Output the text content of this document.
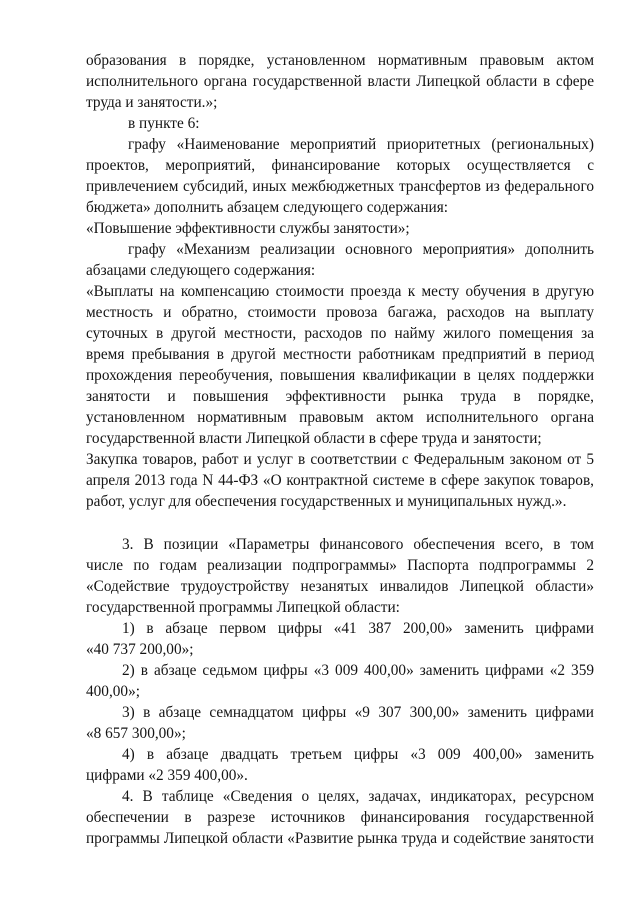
образования в порядке, установленном нормативным правовым актом
исполнительного органа государственной власти Липецкой области в сфере
труда и занятости.»;
в пункте 6:
графу «Наименование мероприятий приоритетных (региональных)
проектов, мероприятий, финансирование которых осуществляется с
привлечением субсидий, иных межбюджетных трансфертов из федерального
бюджета» дополнить абзацем следующего содержания:
«Повышение эффективности службы занятости»;
графу «Механизм реализации основного мероприятия» дополнить
абзацами следующего содержания:
«Выплаты на компенсацию стоимости проезда к месту обучения в другую
местность и обратно, стоимости провоза багажа, расходов на выплату
суточных в другой местности, расходов по найму жилого помещения за
время пребывания в другой местности работникам предприятий в период
прохождения переобучения, повышения квалификации в целях поддержки
занятости и повышения эффективности рынка труда в порядке,
установленном нормативным правовым актом исполнительного органа
государственной власти Липецкой области в сфере труда и занятости;
Закупка товаров, работ и услуг в соответствии с Федеральным законом от 5
апреля 2013 года N 44-ФЗ «О контрактной системе в сфере закупок товаров,
работ, услуг для обеспечения государственных и муниципальных нужд.».
3. В позиции «Параметры финансового обеспечения всего, в том
числе по годам реализации подпрограммы» Паспорта подпрограммы 2
«Содействие трудоустройству незанятых инвалидов Липецкой области»
государственной программы Липецкой области:
1) в абзаце первом цифры «41 387 200,00» заменить цифрами
«40 737 200,00»;
2) в абзаце седьмом цифры «3 009 400,00» заменить цифрами «2 359
400,00»;
3) в абзаце семнадцатом цифры «9 307 300,00» заменить цифрами
«8 657 300,00»;
4) в абзаце двадцать третьем цифры «3 009 400,00» заменить
цифрами «2 359 400,00».
4. В таблице «Сведения о целях, задачах, индикаторах, ресурсном
обеспечении в разрезе источников финансирования государственной
программы Липецкой области «Развитие рынка труда и содействие занятости
